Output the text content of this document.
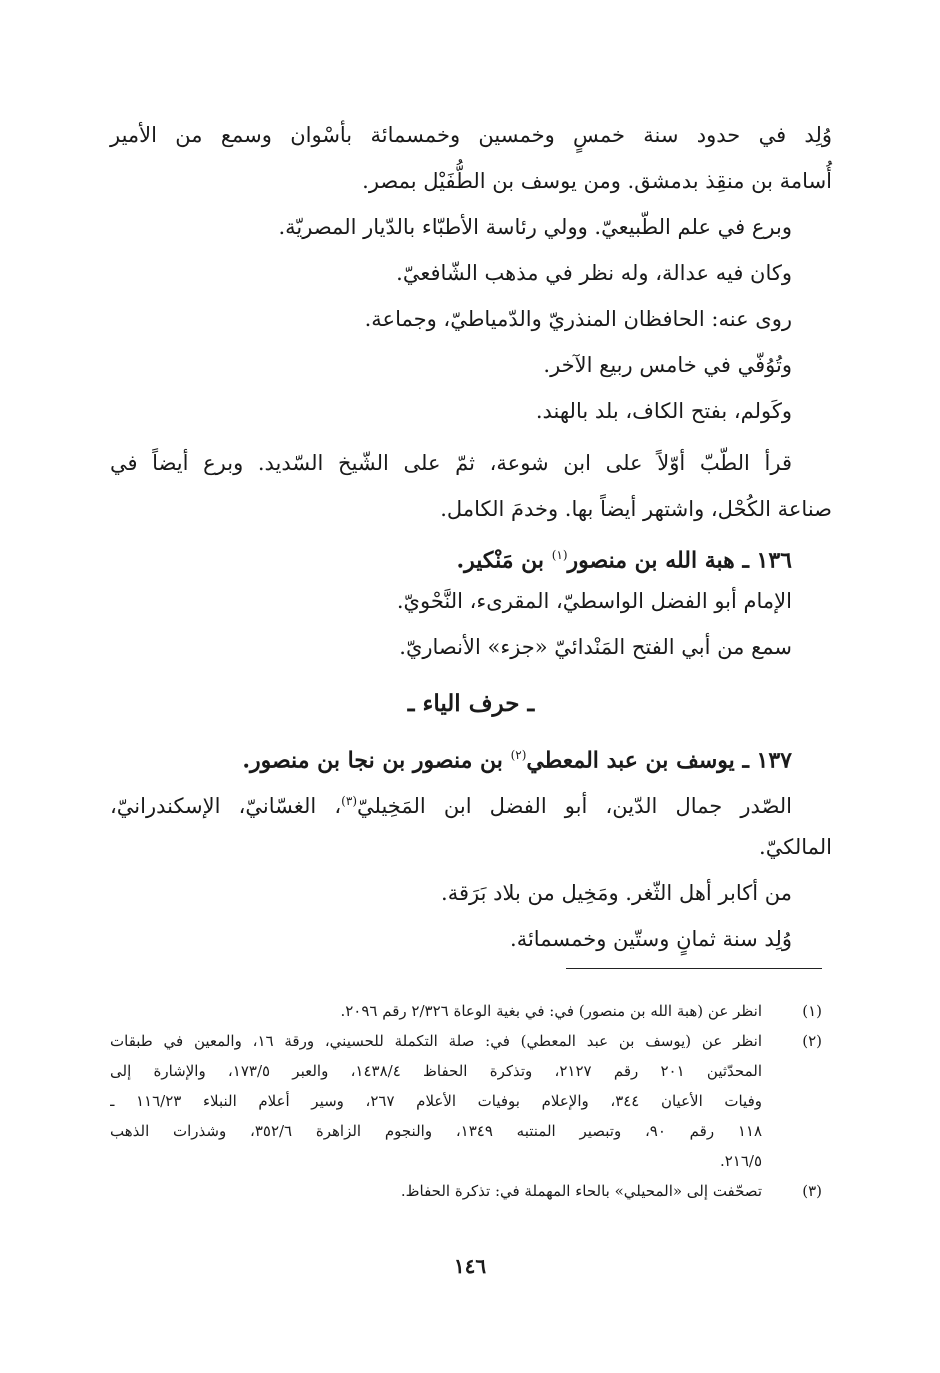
وُلِد في حدود سنة خمسٍ وخمسين وخمسمائة بأسْوان وسمع من الأمير
أُسامة بن منقِذ بدمشق. ومن يوسف بن الطُّفَيْل بمصر.
وبرع في علم الطّبيعيّ. وولي رئاسة الأطبّاء بالدّيار المصريّة.
وكان فيه عدالة، وله نظر في مذهب الشّافعيّ.
روى عنه: الحافظان المنذريّ والدّمياطيّ، وجماعة.
وتُوُفّي في خامس ربيع الآخر.
وكَولم، بفتح الكاف، بلد بالهند.
قرأ الطّبّ أوّلاً على ابن شوعة، ثمّ على الشّيخ السّديد. وبرع أيضاً في
صناعة الكُحْل، واشتهر أيضاً بها. وخدمَ الكامل.
١٣٦ ـ هبة الله بن منصور$^{(١)}$ بن مَنْكير.
الإمام أبو الفضل الواسطيّ، المقرىء، النَّحْويّ.
سمع من أبي الفتح المَنْدائيّ «جزء» الأنصاريّ.
ـ حرف الياء ـ
١٣٧ ـ يوسف بن عبد المعطي$^{(٢)}$ بن منصور بن نجا بن منصور.
الصّدر جمال الدّين، أبو الفضل ابن المَخِيليّ$^{(٣)}$، الغسّانيّ، الإسكندرانيّ،
المالكيّ.
من أكابر أهل الثّغر. ومَخِيل من بلاد بَرَقة.
وُلِد سنة ثمانٍ وستّين وخمسمائة.
(١)
انظر عن (هبة الله بن منصور) في: في بغية الوعاة ٢/٣٢٦ رقم ٢٠٩٦.
(٢)
انظر عن (يوسف بن عبد المعطي) في: صلة التكملة للحسيني، ورقة ١٦، والمعين في طبقات
المحدّثين ٢٠١ رقم ٢١٢٧، وتذكرة الحفاظ ١٤٣٨/٤، والعبر ١٧٣/٥، والإشارة إلى
وفيات الأعيان ٣٤٤، والإعلام بوفيات الأعلام ٢٦٧، وسير أعلام النبلاء ١١٦/٢٣ ـ
١١٨ رقم ٩٠، وتبصير المنتبه ١٣٤٩، والنجوم الزاهرة ٣٥٢/٦، وشذرات الذهب
٢١٦/٥.
(٣)
تصحّفت إلى «المحيلي» بالحاء المهملة في: تذكرة الحفاظ.
١٤٦
